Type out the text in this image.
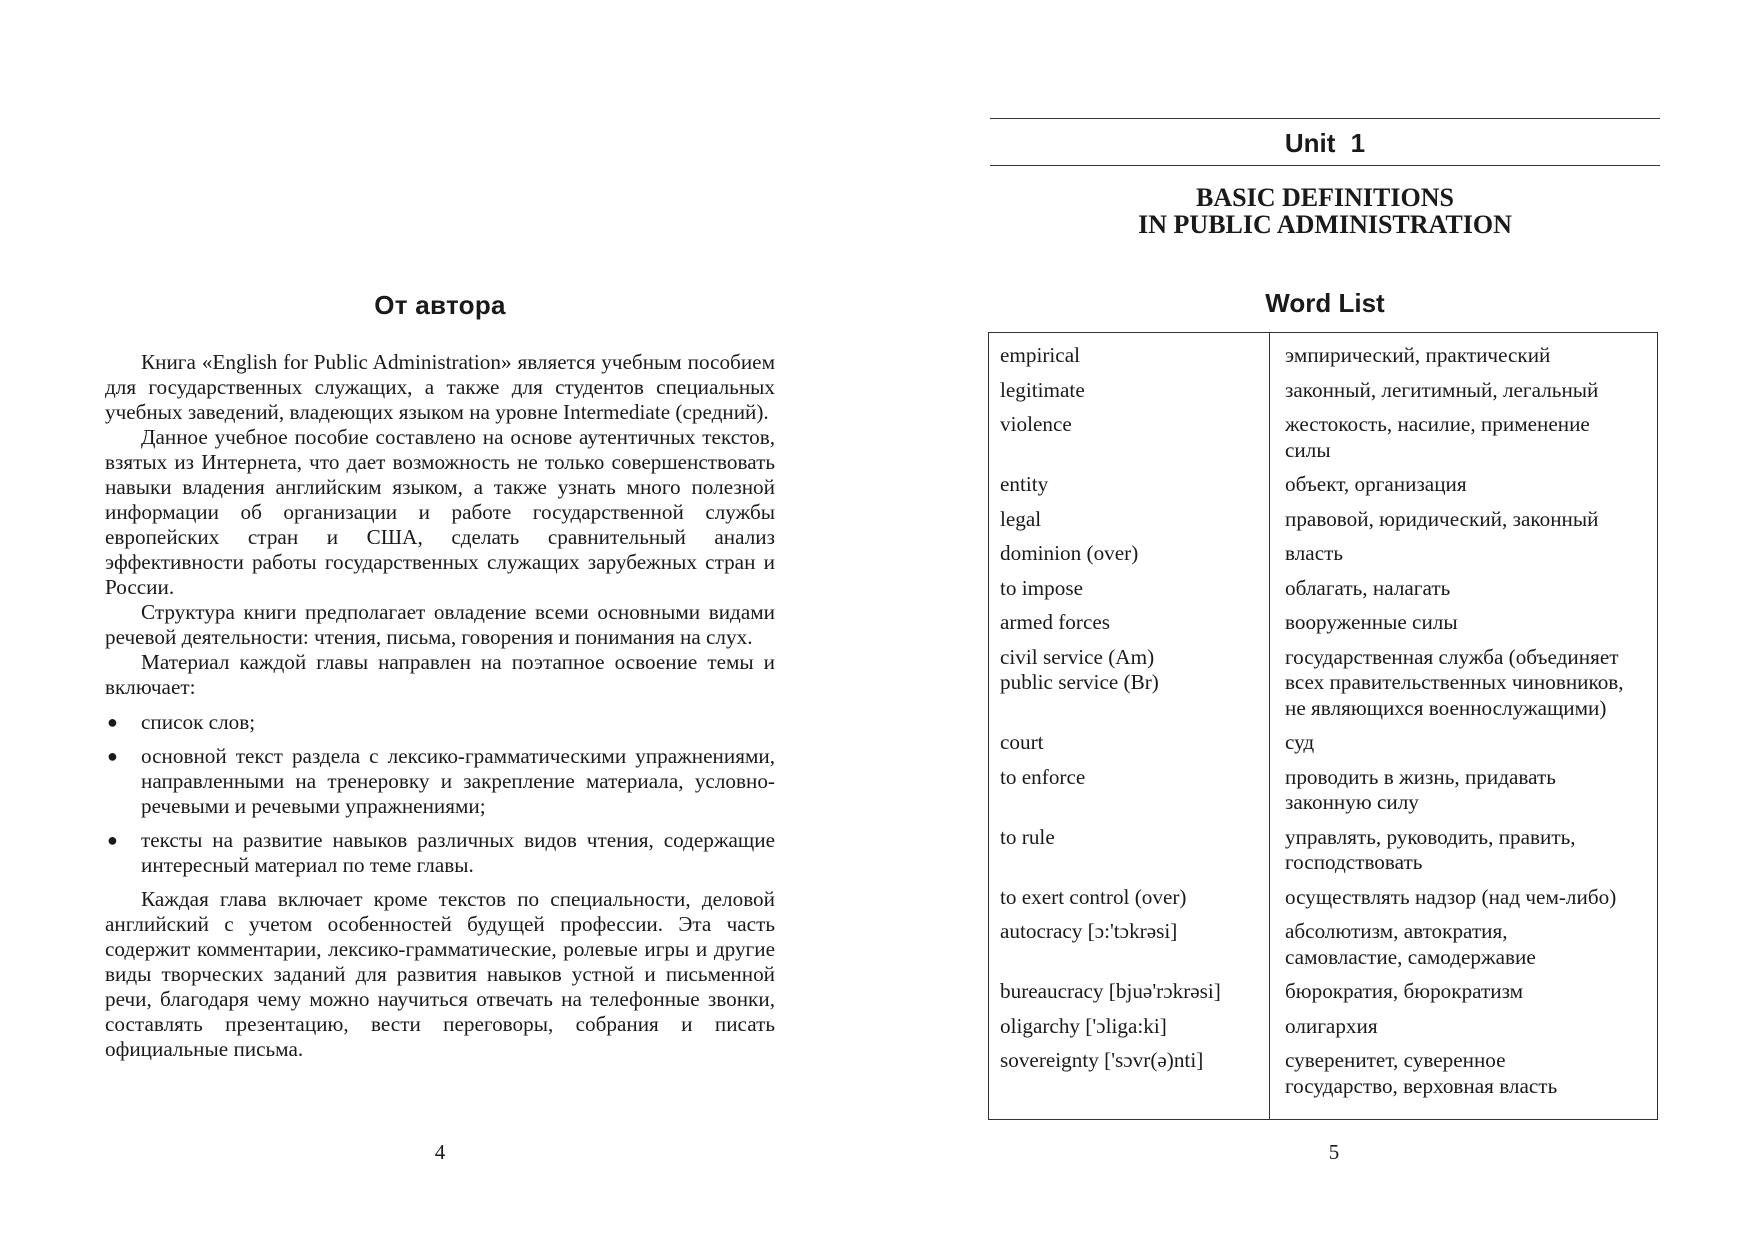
От автора

Книга «English for Public Administration» является учебным пособием для государственных служащих, а также для студентов специальных учебных заведений, владеющих языком на уровне Intermediate (средний).

Данное учебное пособие составлено на основе аутентичных текстов, взятых из Интернета, что дает возможность не только совершенствовать навыки владения английским языком, а также узнать много полезной информации об организации и работе государственной службы европейских стран и США, сделать сравнительный анализ эффективности работы государственных служащих зарубежных стран и России.

Структура книги предполагает овладение всеми основными видами речевой деятельности: чтения, письма, говорения и понимания на слух.

Материал каждой главы направлен на поэтапное освоение темы и включает:

● список слов;
● основной текст раздела с лексико-грамматическими упражнениями, направленными на тренеровку и закрепление материала, условно-речевыми и речевыми упражнениями;
● тексты на развитие навыков различных видов чтения, содержащие интересный материал по теме главы.

Каждая глава включает кроме текстов по специальности, деловой английский с учетом особенностей будущей профессии. Эта часть содержит комментарии, лексико-грамматические, ролевые игры и другие виды творческих заданий для развития навыков устной и письменной речи, благодаря чему можно научиться отвечать на телефонные звонки, составлять презентацию, вести переговоры, собрания и писать официальные письма.

4
Unit 1
BASIC DEFINITIONS
IN PUBLIC ADMINISTRATION
Word List
empirical	эмпирический, практический

legitimate	законный, легитимный, легальный

violence	жестокость, насилие, применение
силы

entity	объект, организация

legal	правовой, юридический, законный

dominion (over)	власть

to impose	облагать, налагать

armed forces	вооруженные силы

civil service (Am)
public service (Br)	государственная служба (объединяет
всех правительственных чиновников,
не являющихся военнослужащими)

court	суд

to enforce	проводить в жизнь, придавать
законную силу

to rule	управлять, руководить, править,
господствовать

to exert control (over)	осуществлять надзор (над чем-либо)

autocracy [ɔ:'tɔkrəsi]	абсолютизм, автократия,
самовластие, самодержавие

bureaucracy [bjuə'rɔkrəsi]	бюрократия, бюрократизм

oligarchy ['ɔliga:ki]	олигархия

sovereignty ['sɔvr(ə)nti]	суверенитет, суверенное
государство, верховная власть
5
